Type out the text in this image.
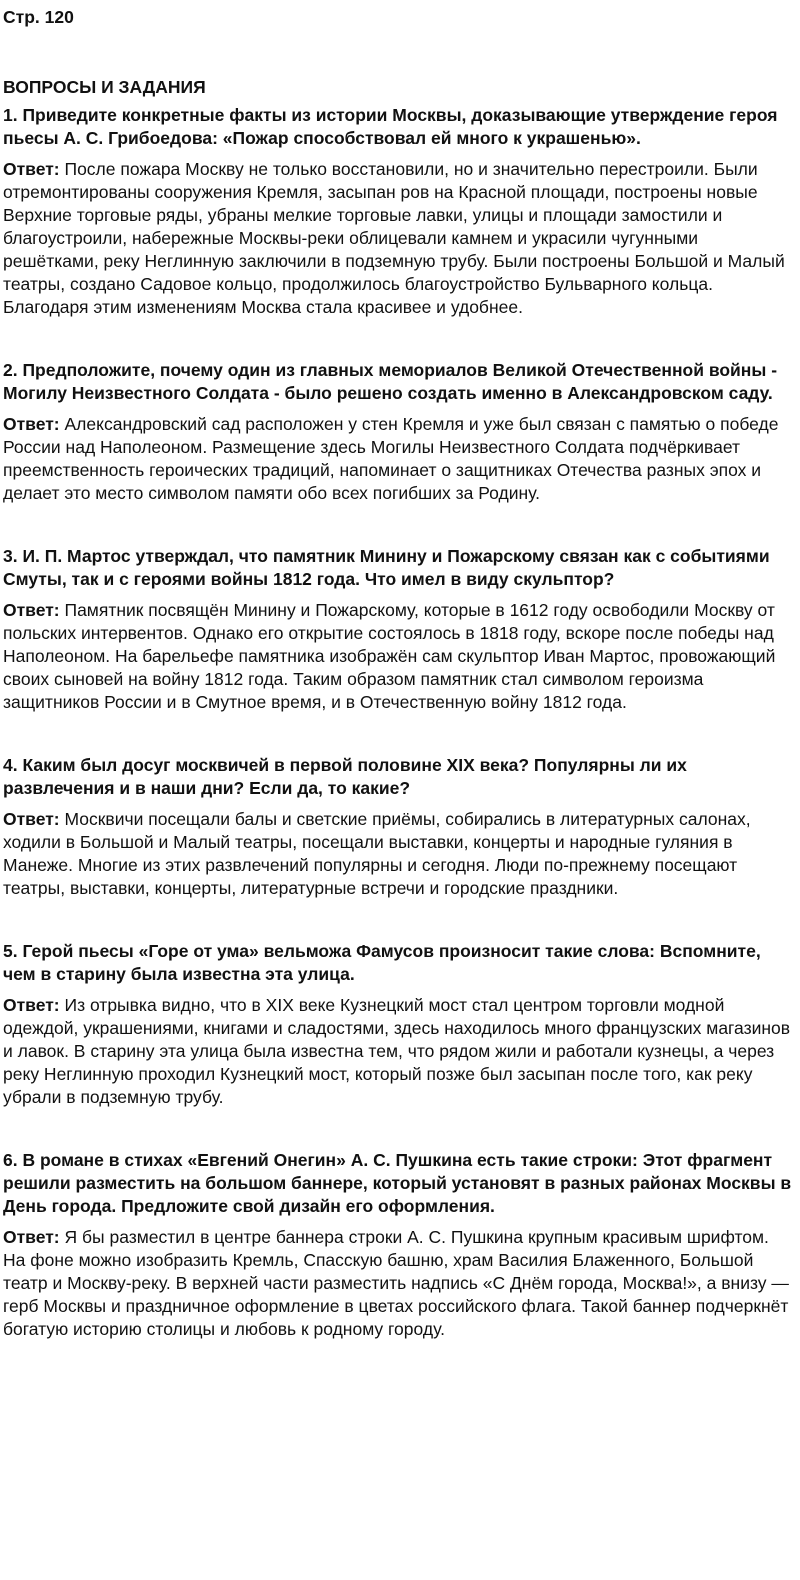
Стр. 120

ВОПРОСЫ И ЗАДАНИЯ

1. Приведите конкретные факты из истории Москвы, доказывающие утверждение героя пьесы А. С. Грибоедова: «Пожар способствовал ей много к украшенью».

Ответ: После пожара Москву не только восстановили, но и значительно перестроили. Были отремонтированы сооружения Кремля, засыпан ров на Красной площади, построены новые Верхние торговые ряды, убраны мелкие торговые лавки, улицы и площади замостили и благоустроили, набережные Москвы-реки облицевали камнем и украсили чугунными решётками, реку Неглинную заключили в подземную трубу. Были построены Большой и Малый театры, создано Садовое кольцо, продолжилось благоустройство Бульварного кольца. Благодаря этим изменениям Москва стала красивее и удобнее.

2. Предположите, почему один из главных мемориалов Великой Отечественной войны - Могилу Неизвестного Солдата - было решено создать именно в Александровском саду.

Ответ: Александровский сад расположен у стен Кремля и уже был связан с памятью о победе России над Наполеоном. Размещение здесь Могилы Неизвестного Солдата подчёркивает преемственность героических традиций, напоминает о защитниках Отечества разных эпох и делает это место символом памяти обо всех погибших за Родину.

3. И. П. Мартос утверждал, что памятник Минину и Пожарскому связан как с событиями Смуты, так и с героями войны 1812 года. Что имел в виду скульптор?

Ответ: Памятник посвящён Минину и Пожарскому, которые в 1612 году освободили Москву от польских интервентов. Однако его открытие состоялось в 1818 году, вскоре после победы над Наполеоном. На барельефе памятника изображён сам скульптор Иван Мартос, провожающий своих сыновей на войну 1812 года. Таким образом памятник стал символом героизма защитников России и в Смутное время, и в Отечественную войну 1812 года.

4. Каким был досуг москвичей в первой половине XIX века? Популярны ли их развлечения и в наши дни? Если да, то какие?

Ответ: Москвичи посещали балы и светские приёмы, собирались в литературных салонах, ходили в Большой и Малый театры, посещали выставки, концерты и народные гуляния в Манеже. Многие из этих развлечений популярны и сегодня. Люди по-прежнему посещают театры, выставки, концерты, литературные встречи и городские праздники.

5. Герой пьесы «Горе от ума» вельможа Фамусов произносит такие слова: Вспомните, чем в старину была известна эта улица.

Ответ: Из отрывка видно, что в XIX веке Кузнецкий мост стал центром торговли модной одеждой, украшениями, книгами и сладостями, здесь находилось много французских магазинов и лавок. В старину эта улица была известна тем, что рядом жили и работали кузнецы, а через реку Неглинную проходил Кузнецкий мост, который позже был засыпан после того, как реку убрали в подземную трубу.

6. В романе в стихах «Евгений Онегин» А. С. Пушкина есть такие строки: Этот фрагмент решили разместить на большом баннере, который установят в разных районах Москвы в День города. Предложите свой дизайн его оформления.

Ответ: Я бы разместил в центре баннера строки А. С. Пушкина крупным красивым шрифтом. На фоне можно изобразить Кремль, Спасскую башню, храм Василия Блаженного, Большой театр и Москву-реку. В верхней части разместить надпись «С Днём города, Москва!», а внизу — герб Москвы и праздничное оформление в цветах российского флага. Такой баннер подчеркнёт богатую историю столицы и любовь к родному городу.
